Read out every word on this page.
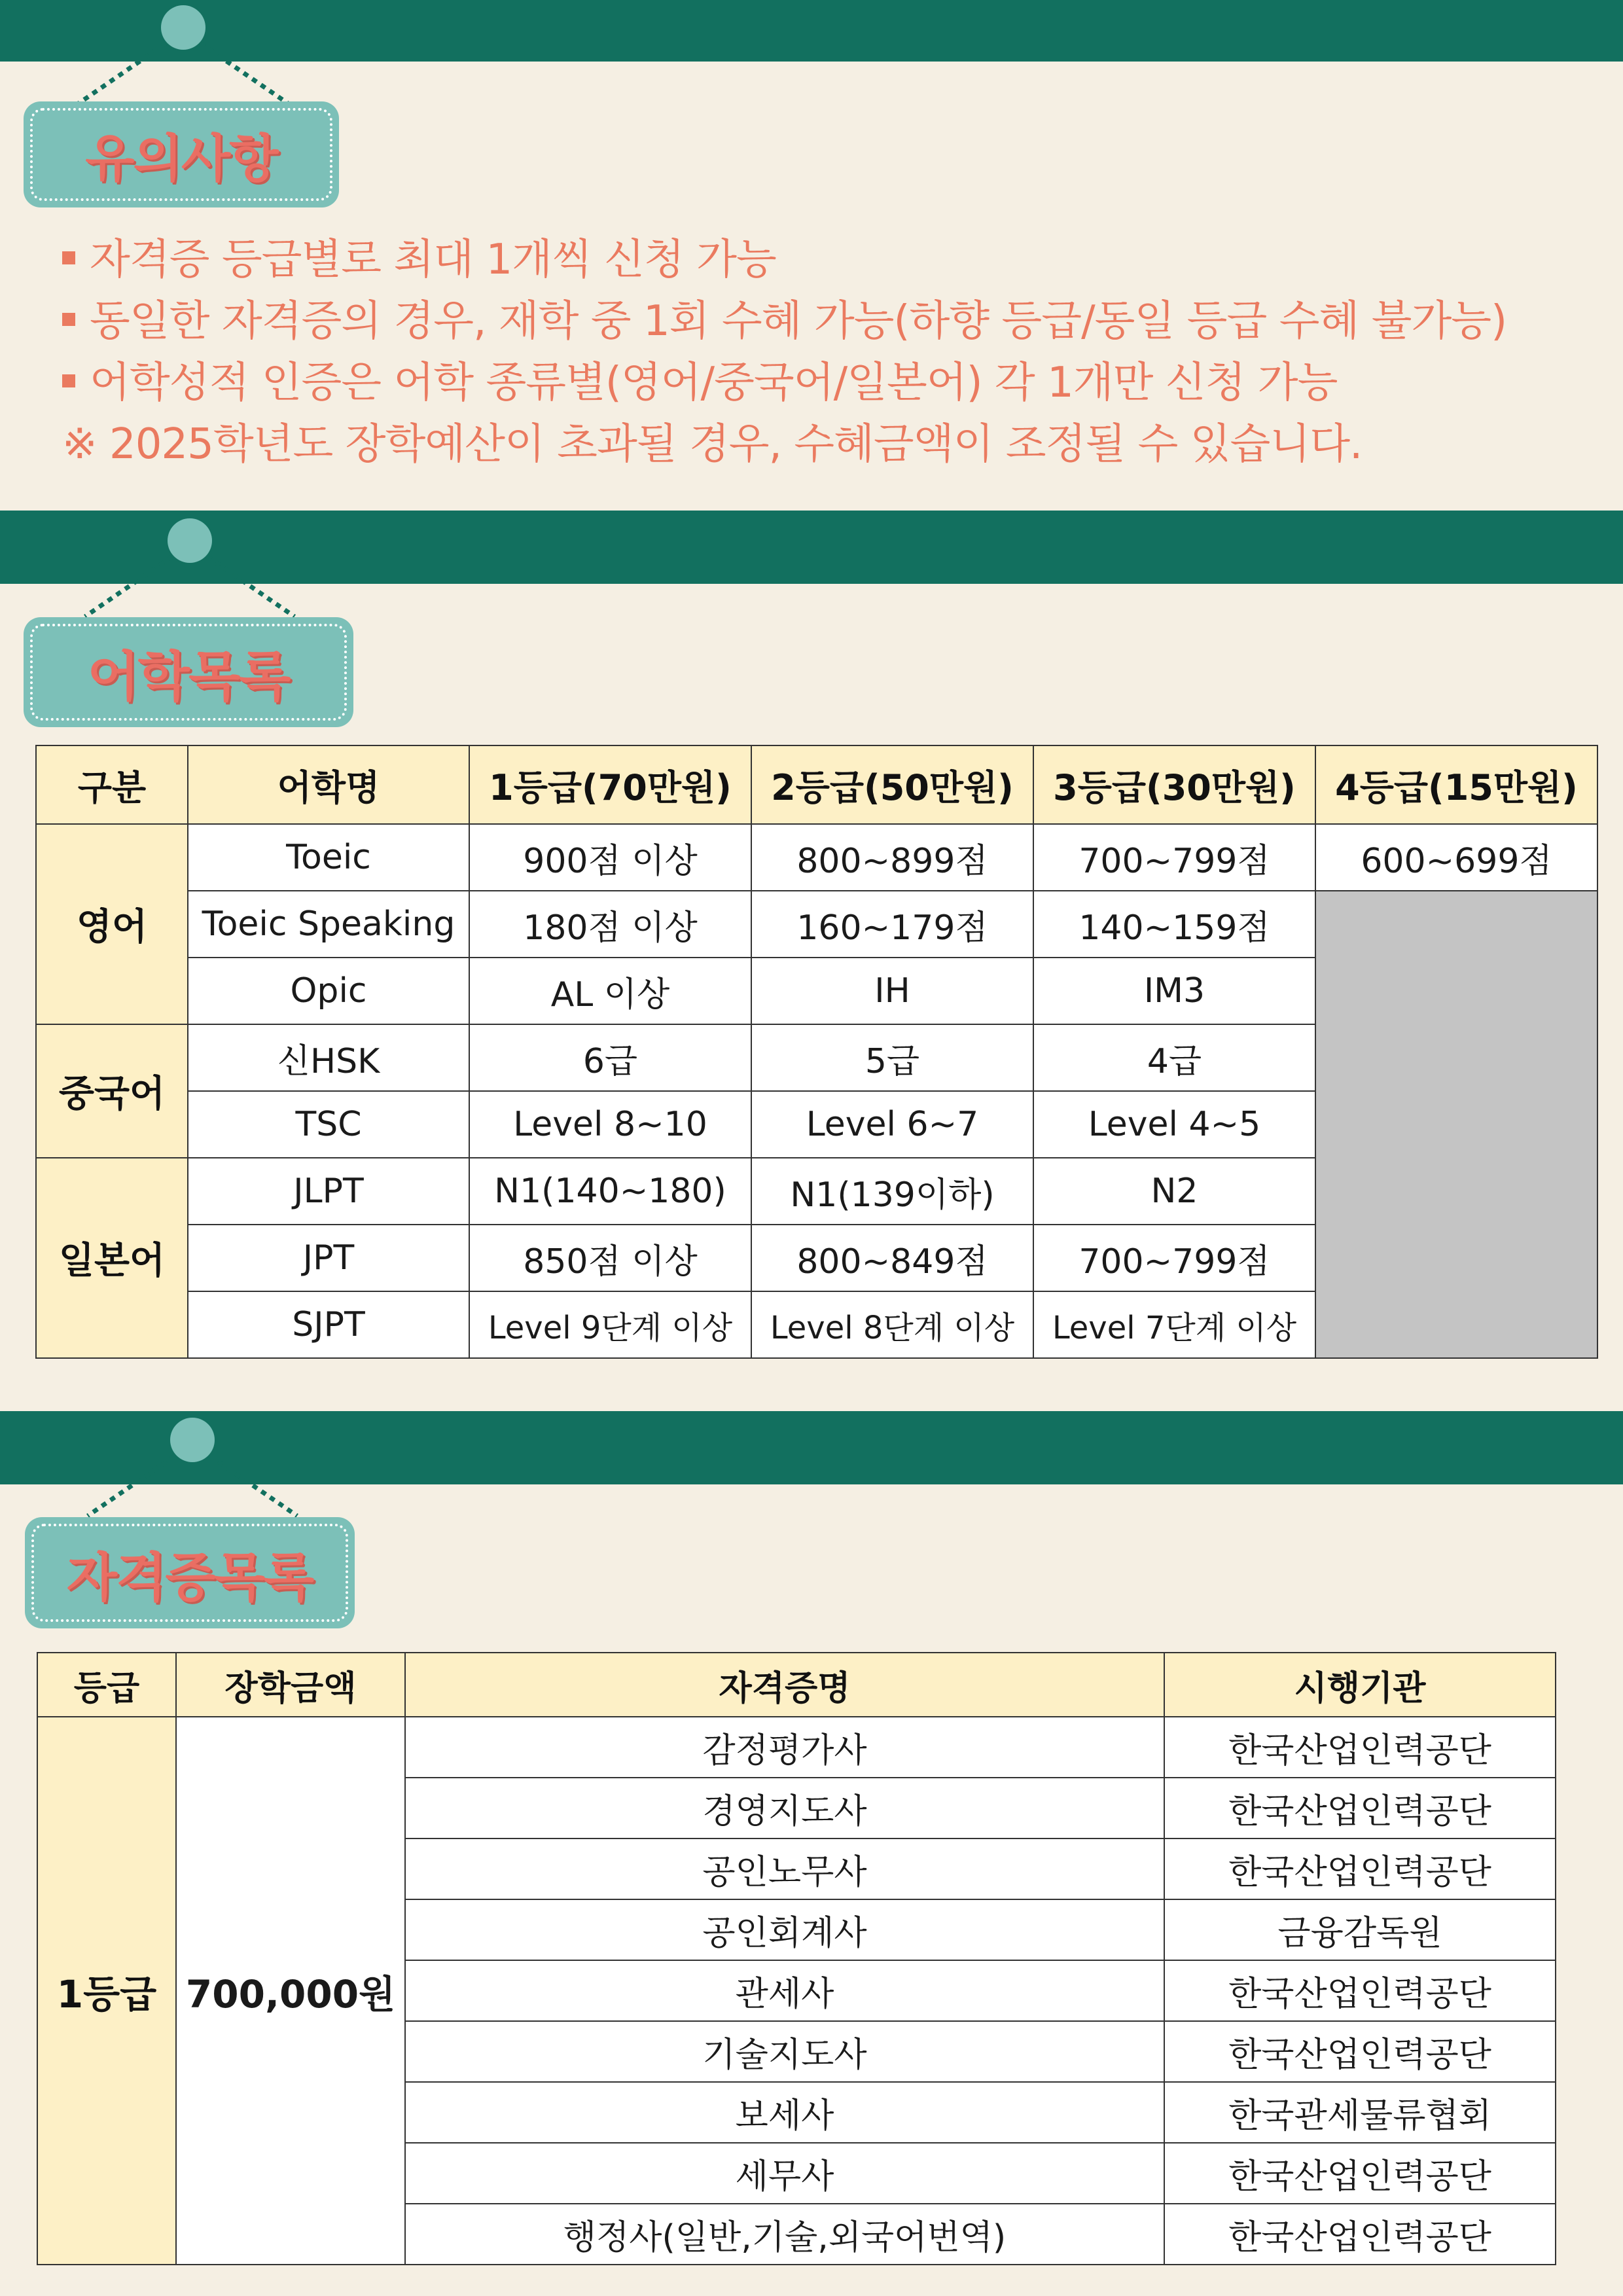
유의사항
자격증 등급별로 최대 1개씩 신청 가능
동일한 자격증의 경우, 재학 중 1회 수혜 가능(하향 등급/동일 등급 수혜 불가능)
어학성적 인증은 어학 종류별(영어/중국어/일본어) 각 1개만 신청 가능
※ 2025학년도 장학예산이 초과될 경우, 수혜금액이 조정될 수 있습니다.
어학목록
구분	어학명	1등급(70만원)	2등급(50만원)	3등급(30만원)	4등급(15만원)
영어	Toeic	900점 이상	800~899점	700~799점	600~699점
	Toeic Speaking	180점 이상	160~179점	140~159점	
	Opic	AL 이상	IH	IM3	
중국어	신HSK	6급	5급	4급	
	TSC	Level 8~10	Level 6~7	Level 4~5	
일본어	JLPT	N1(140~180)	N1(139이하)	N2	
	JPT	850점 이상	800~849점	700~799점	
	SJPT	Level 9단계 이상	Level 8단계 이상	Level 7단계 이상	
자격증목록
등급	장학금액	자격증명	시행기관
1등급	700,000원	감정평가사	한국산업인력공단
		경영지도사	한국산업인력공단
		공인노무사	한국산업인력공단
		공인회계사	금융감독원
		관세사	한국산업인력공단
		기술지도사	한국산업인력공단
		보세사	한국관세물류협회
		세무사	한국산업인력공단
		행정사(일반,기술,외국어번역)	한국산업인력공단
